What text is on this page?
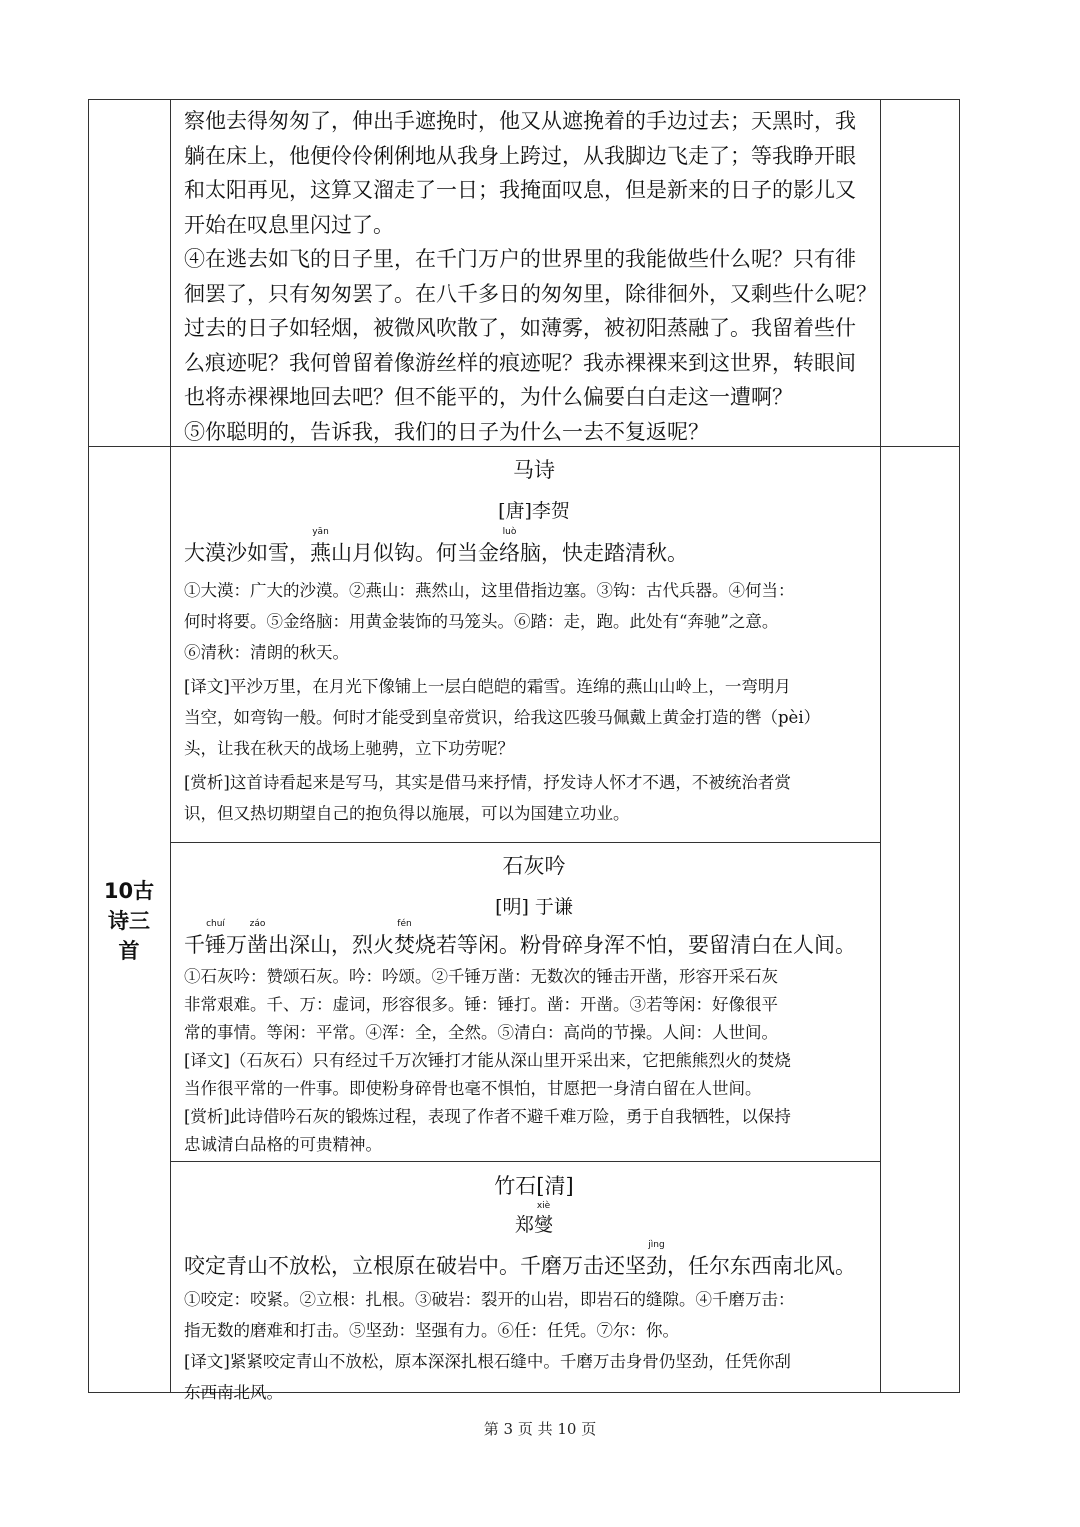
察他去得匆匆了，伸出手遮挽时，他又从遮挽着的手边过去；天黑时，我
躺在床上，他便伶伶俐俐地从我身上跨过，从我脚边飞走了；等我睁开眼
和太阳再见，这算又溜走了一日；我掩面叹息，但是新来的日子的影儿又
开始在叹息里闪过了。
④在逃去如飞的日子里，在千门万户的世界里的我能做些什么呢？只有徘
徊罢了，只有匆匆罢了。在八千多日的匆匆里，除徘徊外，又剩些什么呢？
过去的日子如轻烟，被微风吹散了，如薄雾，被初阳蒸融了。我留着些什
么痕迹呢？我何曾留着像游丝样的痕迹呢？我赤裸裸来到这世界，转眼间
也将赤裸裸地回去吧？但不能平的，为什么偏要白白走这一遭啊？
⑤你聪明的，告诉我，我们的日子为什么一去不复返呢？
马诗
[唐]李贺
大漠沙如雪，
yān
燕山月似钩。何当金
luò
络脑，快走踏清秋。
①大漠：广大的沙漠。②燕山：燕然山，这里借指边塞。③钩：古代兵器。④何当：
何时将要。⑤金络脑：用黄金装饰的马笼头。⑥踏：走，跑。此处有“奔驰”之意。
⑥清秋：清朗的秋天。
[译文]平沙万里，在月光下像铺上一层白皑皑的霜雪。连绵的燕山山岭上，一弯明月
当空，如弯钩一般。何时才能受到皇帝赏识，给我这匹骏马佩戴上黄金打造的辔（pèi）
头，让我在秋天的战场上驰骋，立下功劳呢？
[赏析]这首诗看起来是写马，其实是借马来抒情，抒发诗人怀才不遇，不被统治者赏
识，但又热切期望自己的抱负得以施展，可以为国建立功业。
石灰吟
[明] 于谦
千
chuí
锤万
záo
凿出深山，烈火
fén
焚烧若等闲。粉骨碎身浑不怕，要留清白在人间。
①石灰吟：赞颂石灰。吟：吟颂。②千锤万凿：无数次的锤击开凿，形容开采石灰
非常艰难。千、万：虚词，形容很多。锤：锤打。凿：开凿。③若等闲：好像很平
常的事情。等闲：平常。④浑：全，全然。⑤清白：高尚的节操。人间：人世间。
[译文]（石灰石）只有经过千万次锤打才能从深山里开采出来，它把熊熊烈火的焚烧
当作很平常的一件事。即使粉身碎骨也毫不惧怕，甘愿把一身清白留在人世间。
[赏析]此诗借吟石灰的锻炼过程，表现了作者不避千难万险，勇于自我牺牲，以保持
忠诚清白品格的可贵精神。
竹石[清]
郑
xiè
燮
咬定青山不放松，立根原在破岩中。千磨万击还坚
jìng
劲，任尔东西南北风。
①咬定：咬紧。②立根：扎根。③破岩：裂开的山岩，即岩石的缝隙。④千磨万击：
指无数的磨难和打击。⑤坚劲：坚强有力。⑥任：任凭。⑦尔：你。
[译文]紧紧咬定青山不放松，原本深深扎根石缝中。千磨万击身骨仍坚劲，任凭你刮
东西南北风。
10古
诗三
首
第 3 页 共 10 页
